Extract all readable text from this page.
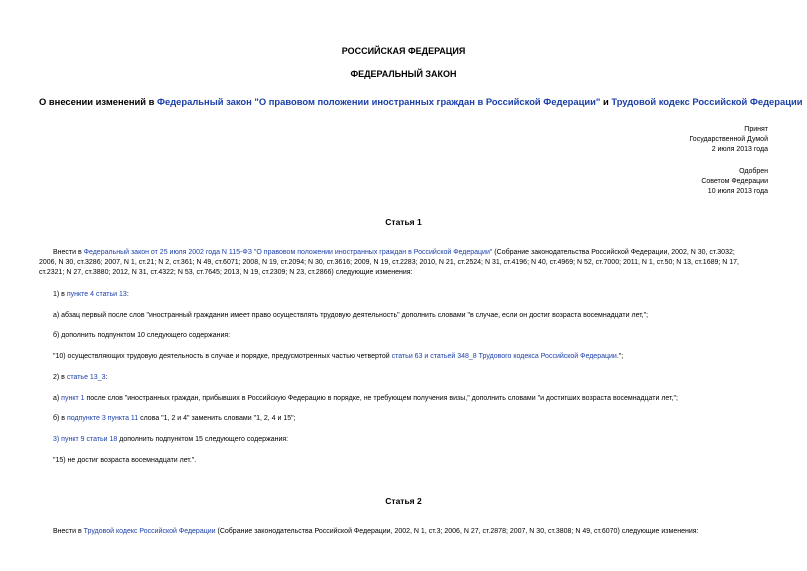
РОССИЙСКАЯ ФЕДЕРАЦИЯ
ФЕДЕРАЛЬНЫЙ ЗАКОН
О внесении изменений в Федеральный закон "О правовом положении иностранных граждан в Российской Федерации" и Трудовой кодекс Российской Федерации
Принят
Государственной Думой
2 июля 2013 года
Одобрен
Советом Федерации
10 июля 2013 года
Статья 1
Внести в Федеральный закон от 25 июля 2002 года N 115-ФЗ "О правовом положении иностранных граждан в Российской Федерации" (Собрание законодательства Российской Федерации, 2002, N 30, ст.3032;
2006, N 30, ст.3286; 2007, N 1, ст.21; N 2, ст.361; N 49, ст.6071; 2008, N 19, ст.2094; N 30, ст.3616; 2009, N 19, ст.2283; 2010, N 21, ст.2524; N 31, ст.4196; N 40, ст.4969; N 52, ст.7000; 2011, N 1, ст.50; N 13, ст.1689; N 17,
ст.2321; N 27, ст.3880; 2012, N 31, ст.4322; N 53, ст.7645; 2013, N 19, ст.2309; N 23, ст.2866) следующие изменения:
1) в пункте 4 статьи 13:
а) абзац первый после слов "иностранный гражданин имеет право осуществлять трудовую деятельность" дополнить словами "в случае, если он достиг возраста восемнадцати лет,";
б) дополнить подпунктом 10 следующего содержания:
"10) осуществляющих трудовую деятельность в случае и порядке, предусмотренных частью четвертой статьи 63 и статьей 348_8 Трудового кодекса Российской Федерации.";
2) в статье 13_3:
а) пункт 1 после слов "иностранных граждан, прибывших в Российскую Федерацию в порядке, не требующем получения визы," дополнить словами "и достигших возраста восемнадцати лет,";
б) в подпункте 3 пункта 11 слова "1, 2 и 4" заменить словами "1, 2, 4 и 15";
3) пункт 9 статьи 18 дополнить подпунктом 15 следующего содержания:
"15) не достиг возраста восемнадцати лет.".
Статья 2
Внести в Трудовой кодекс Российской Федерации (Собрание законодательства Российской Федерации, 2002, N 1, ст.3; 2006, N 27, ст.2878; 2007, N 30, ст.3808; N 49, ст.6070) следующие изменения:
